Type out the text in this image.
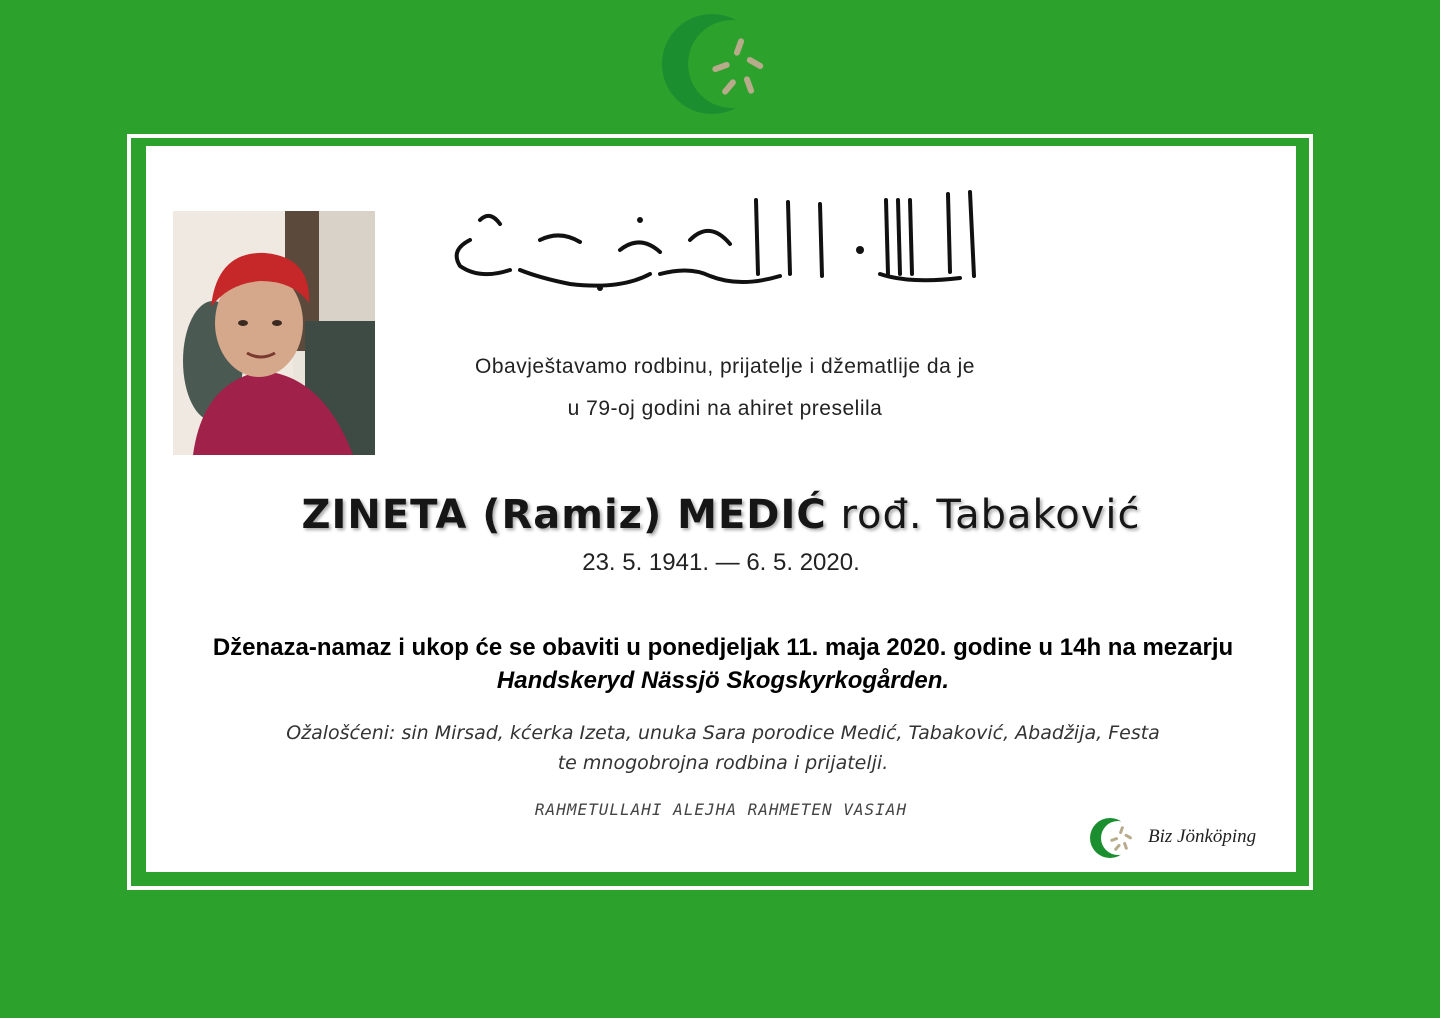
Obavještavamo rodbinu, prijatelje i džematlije da je
u 79-oj godini na ahiret preselila
ZINETA (Ramiz) MEDIĆ rođ. Tabaković
23. 5. 1941. — 6. 5. 2020.
Dženaza-namaz i ukop će se obaviti u ponedjeljak 11. maja 2020. godine u 14h na mezarju Handskeryd Nässjö Skogskyrkogården.
Ožalošćeni: sin Mirsad, kćerka Izeta, unuka Sara porodice Medić, Tabaković, Abadžija, Festa
te mnogobrojna rodbina i prijatelji.
RAHMETULLAHI ALEJHA RAHMETEN VASIAH
Biz Jönköping
